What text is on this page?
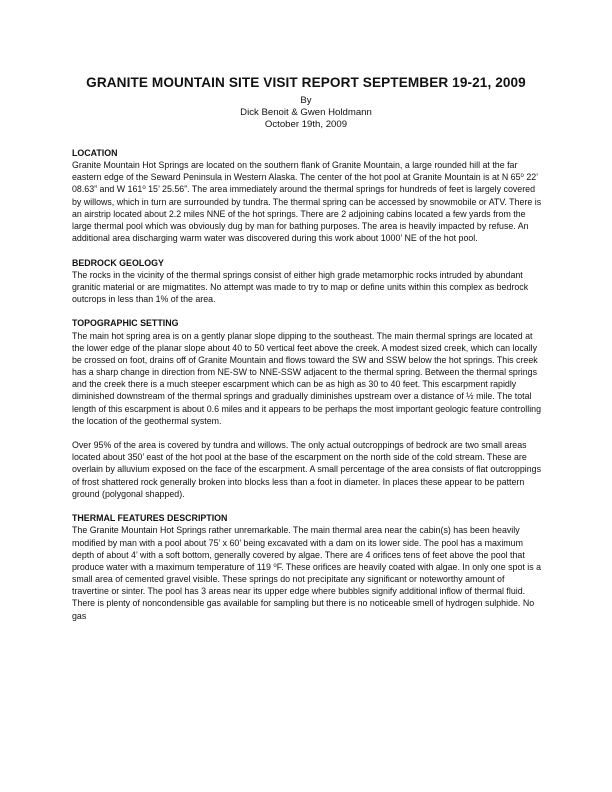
GRANITE MOUNTAIN SITE VISIT REPORT SEPTEMBER 19-21, 2009

By

Dick Benoit & Gwen Holdmann

October 19th, 2009

LOCATION

Granite Mountain Hot Springs are located on the southern flank of Granite Mountain, a large rounded hill at the far eastern edge of the Seward Peninsula in Western Alaska. The center of the hot pool at Granite Mountain is at N 65$^o$ 22’ 08.63” and W 161$^o$ 15’ 25.56”. The area immediately around the thermal springs for hundreds of feet is largely covered by willows, which in turn are surrounded by tundra. The thermal spring can be accessed by snowmobile or ATV. There is an airstrip located about 2.2 miles NNE of the hot springs. There are 2 adjoining cabins located a few yards from the large thermal pool which was obviously dug by man for bathing purposes. The area is heavily impacted by refuse. An additional area discharging warm water was discovered during this work about 1000’ NE of the hot pool.

BEDROCK GEOLOGY

The rocks in the vicinity of the thermal springs consist of either high grade metamorphic rocks intruded by abundant granitic material or are migmatites. No attempt was made to try to map or define units within this complex as bedrock outcrops in less than 1% of the area.

TOPOGRAPHIC SETTING

The main hot spring area is on a gently planar slope dipping to the southeast. The main thermal springs are located at the lower edge of the planar slope about 40 to 50 vertical feet above the creek. A modest sized creek, which can locally be crossed on foot, drains off of Granite Mountain and flows toward the SW and SSW below the hot springs. This creek has a sharp change in direction from NE-SW to NNE-SSW adjacent to the thermal spring. Between the thermal springs and the creek there is a much steeper escarpment which can be as high as 30 to 40 feet. This escarpment rapidly diminished downstream of the thermal springs and gradually diminishes upstream over a distance of ½ mile. The total length of this escarpment is about 0.6 miles and it appears to be perhaps the most important geologic feature controlling the location of the geothermal system.

Over 95% of the area is covered by tundra and willows. The only actual outcroppings of bedrock are two small areas located about 350’ east of the hot pool at the base of the escarpment on the north side of the cold stream. These are overlain by alluvium exposed on the face of the escarpment. A small percentage of the area consists of flat outcroppings of frost shattered rock generally broken into blocks less than a foot in diameter. In places these appear to be pattern ground (polygonal shapped).

THERMAL FEATURES DESCRIPTION

The Granite Mountain Hot Springs rather unremarkable. The main thermal area near the cabin(s) has been heavily modified by man with a pool about 75’ x 60’ being excavated with a dam on its lower side. The pool has a maximum depth of about 4’ with a soft bottom, generally covered by algae. There are 4 orifices tens of feet above the pool that produce water with a maximum temperature of 119 $^o$F. These orifices are heavily coated with algae. In only one spot is a small area of cemented gravel visible. These springs do not precipitate any significant or noteworthy amount of travertine or sinter. The pool has 3 areas near its upper edge where bubbles signify additional inflow of thermal fluid. There is plenty of noncondensible gas available for sampling but there is no noticeable smell of hydrogen sulphide. No gas
